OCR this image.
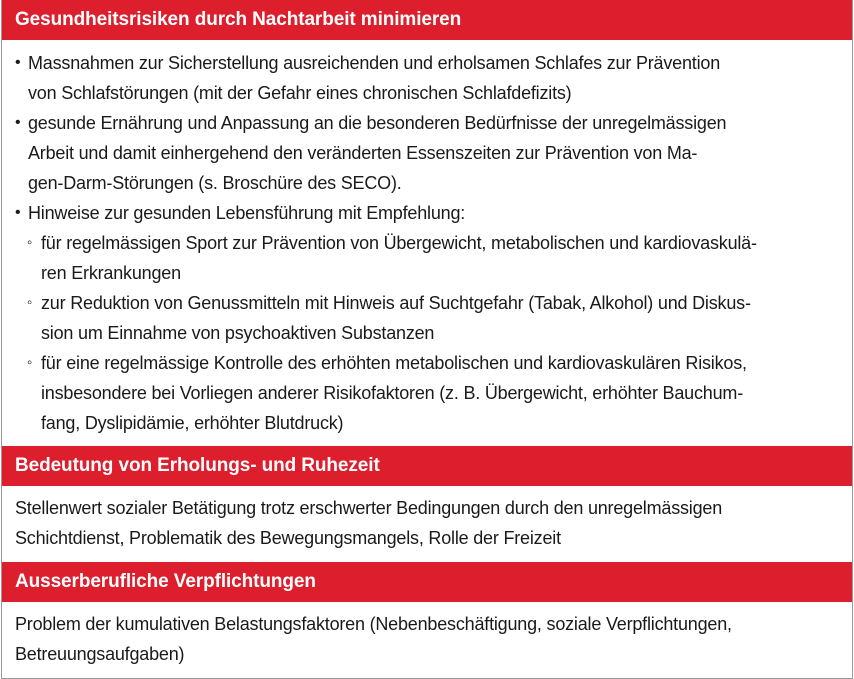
Gesundheitsrisiken durch Nachtarbeit minimieren
• Massnahmen zur Sicherstellung ausreichenden und erholsamen Schlafes zur Prävention
von Schlafstörungen (mit der Gefahr eines chronischen Schlafdefizits)
• gesunde Ernährung und Anpassung an die besonderen Bedürfnisse der unregelmässigen
Arbeit und damit einhergehend den veränderten Essenszeiten zur Prävention von Ma-
gen-Darm-Störungen (s. Broschüre des SECO).
• Hinweise zur gesunden Lebensführung mit Empfehlung:
◦ für regelmässigen Sport zur Prävention von Übergewicht, metabolischen und kardiovaskulä-
ren Erkrankungen
◦ zur Reduktion von Genussmitteln mit Hinweis auf Suchtgefahr (Tabak, Alkohol) und Diskus-
sion um Einnahme von psychoaktiven Substanzen
◦ für eine regelmässige Kontrolle des erhöhten metabolischen und kardiovaskulären Risikos,
insbesondere bei Vorliegen anderer Risikofaktoren (z. B. Übergewicht, erhöhter Bauchum-
fang, Dyslipidämie, erhöhter Blutdruck)
Bedeutung von Erholungs- und Ruhezeit
Stellenwert sozialer Betätigung trotz erschwerter Bedingungen durch den unregelmässigen
Schichtdienst, Problematik des Bewegungsmangels, Rolle der Freizeit
Ausserberufliche Verpflichtungen
Problem der kumulativen Belastungsfaktoren (Nebenbeschäftigung, soziale Verpflichtungen,
Betreuungsaufgaben)
